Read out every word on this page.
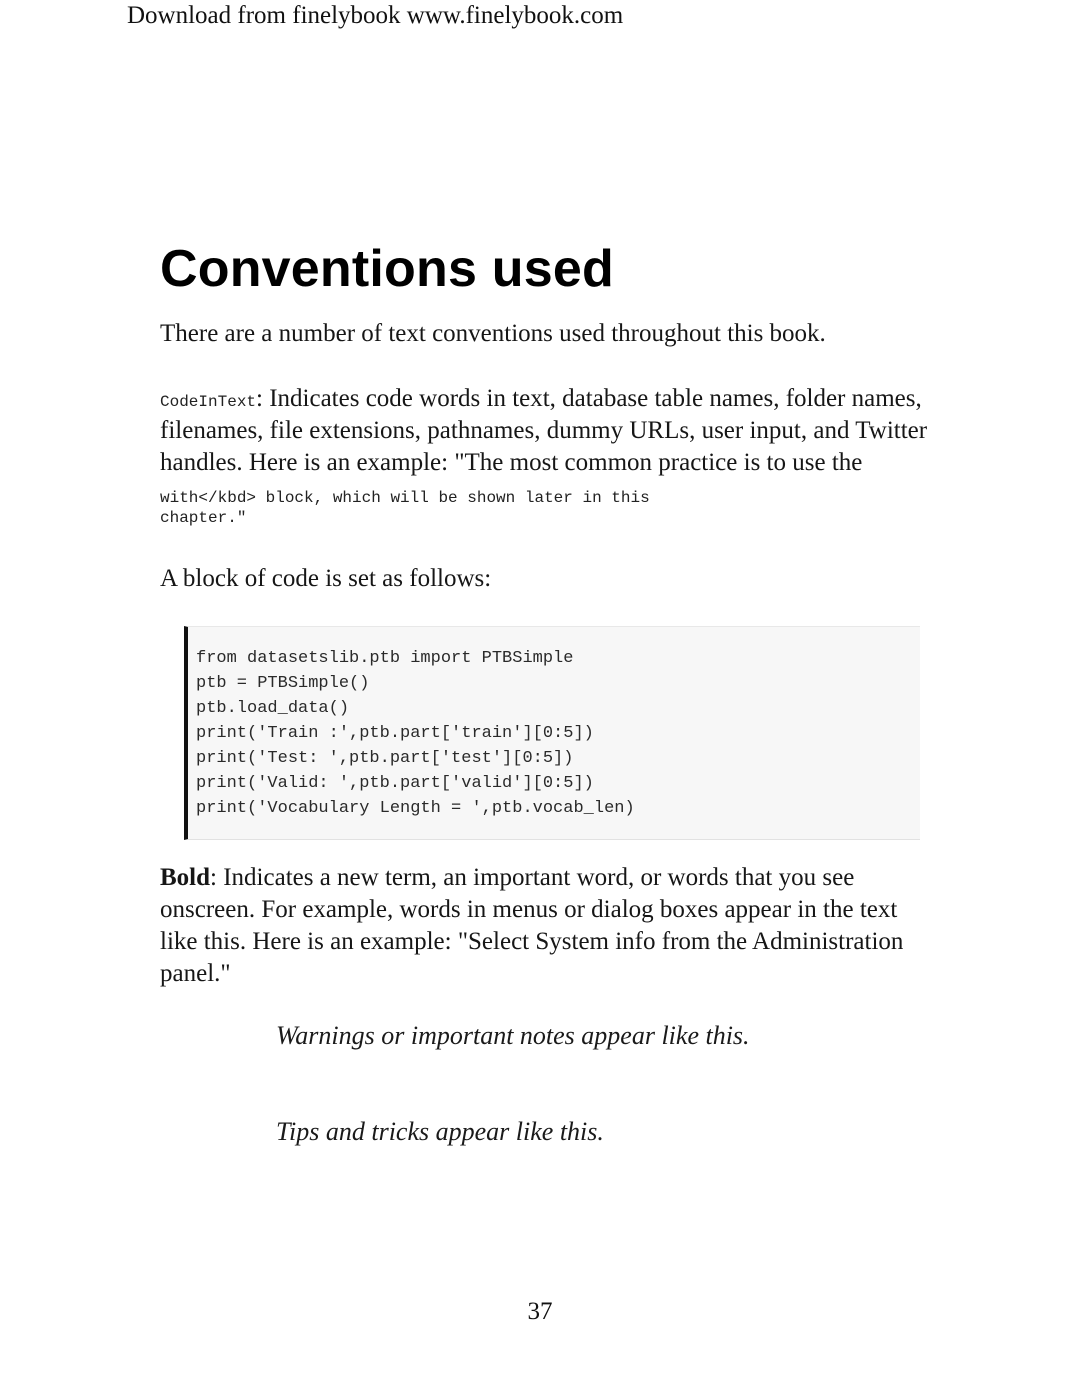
Download from finelybook www.finelybook.com
Conventions used

There are a number of text conventions used throughout this book.

CodeInText: Indicates code words in text, database table names, folder names, filenames, file extensions, pathnames, dummy URLs, user input, and Twitter handles. Here is an example: "The most common practice is to use the with</kbd> block, which will be shown later in this
chapter."

A block of code is set as follows:

from datasetslib.ptb import PTBSimple
ptb = PTBSimple()
ptb.load_data()
print('Train :',ptb.part['train'][0:5])
print('Test: ',ptb.part['test'][0:5])
print('Valid: ',ptb.part['valid'][0:5])
print('Vocabulary Length = ',ptb.vocab_len)

Bold: Indicates a new term, an important word, or words that you see onscreen. For example, words in menus or dialog boxes appear in the text like this. Here is an example: "Select System info from the Administration panel."

Warnings or important notes appear like this.

Tips and tricks appear like this.

37
